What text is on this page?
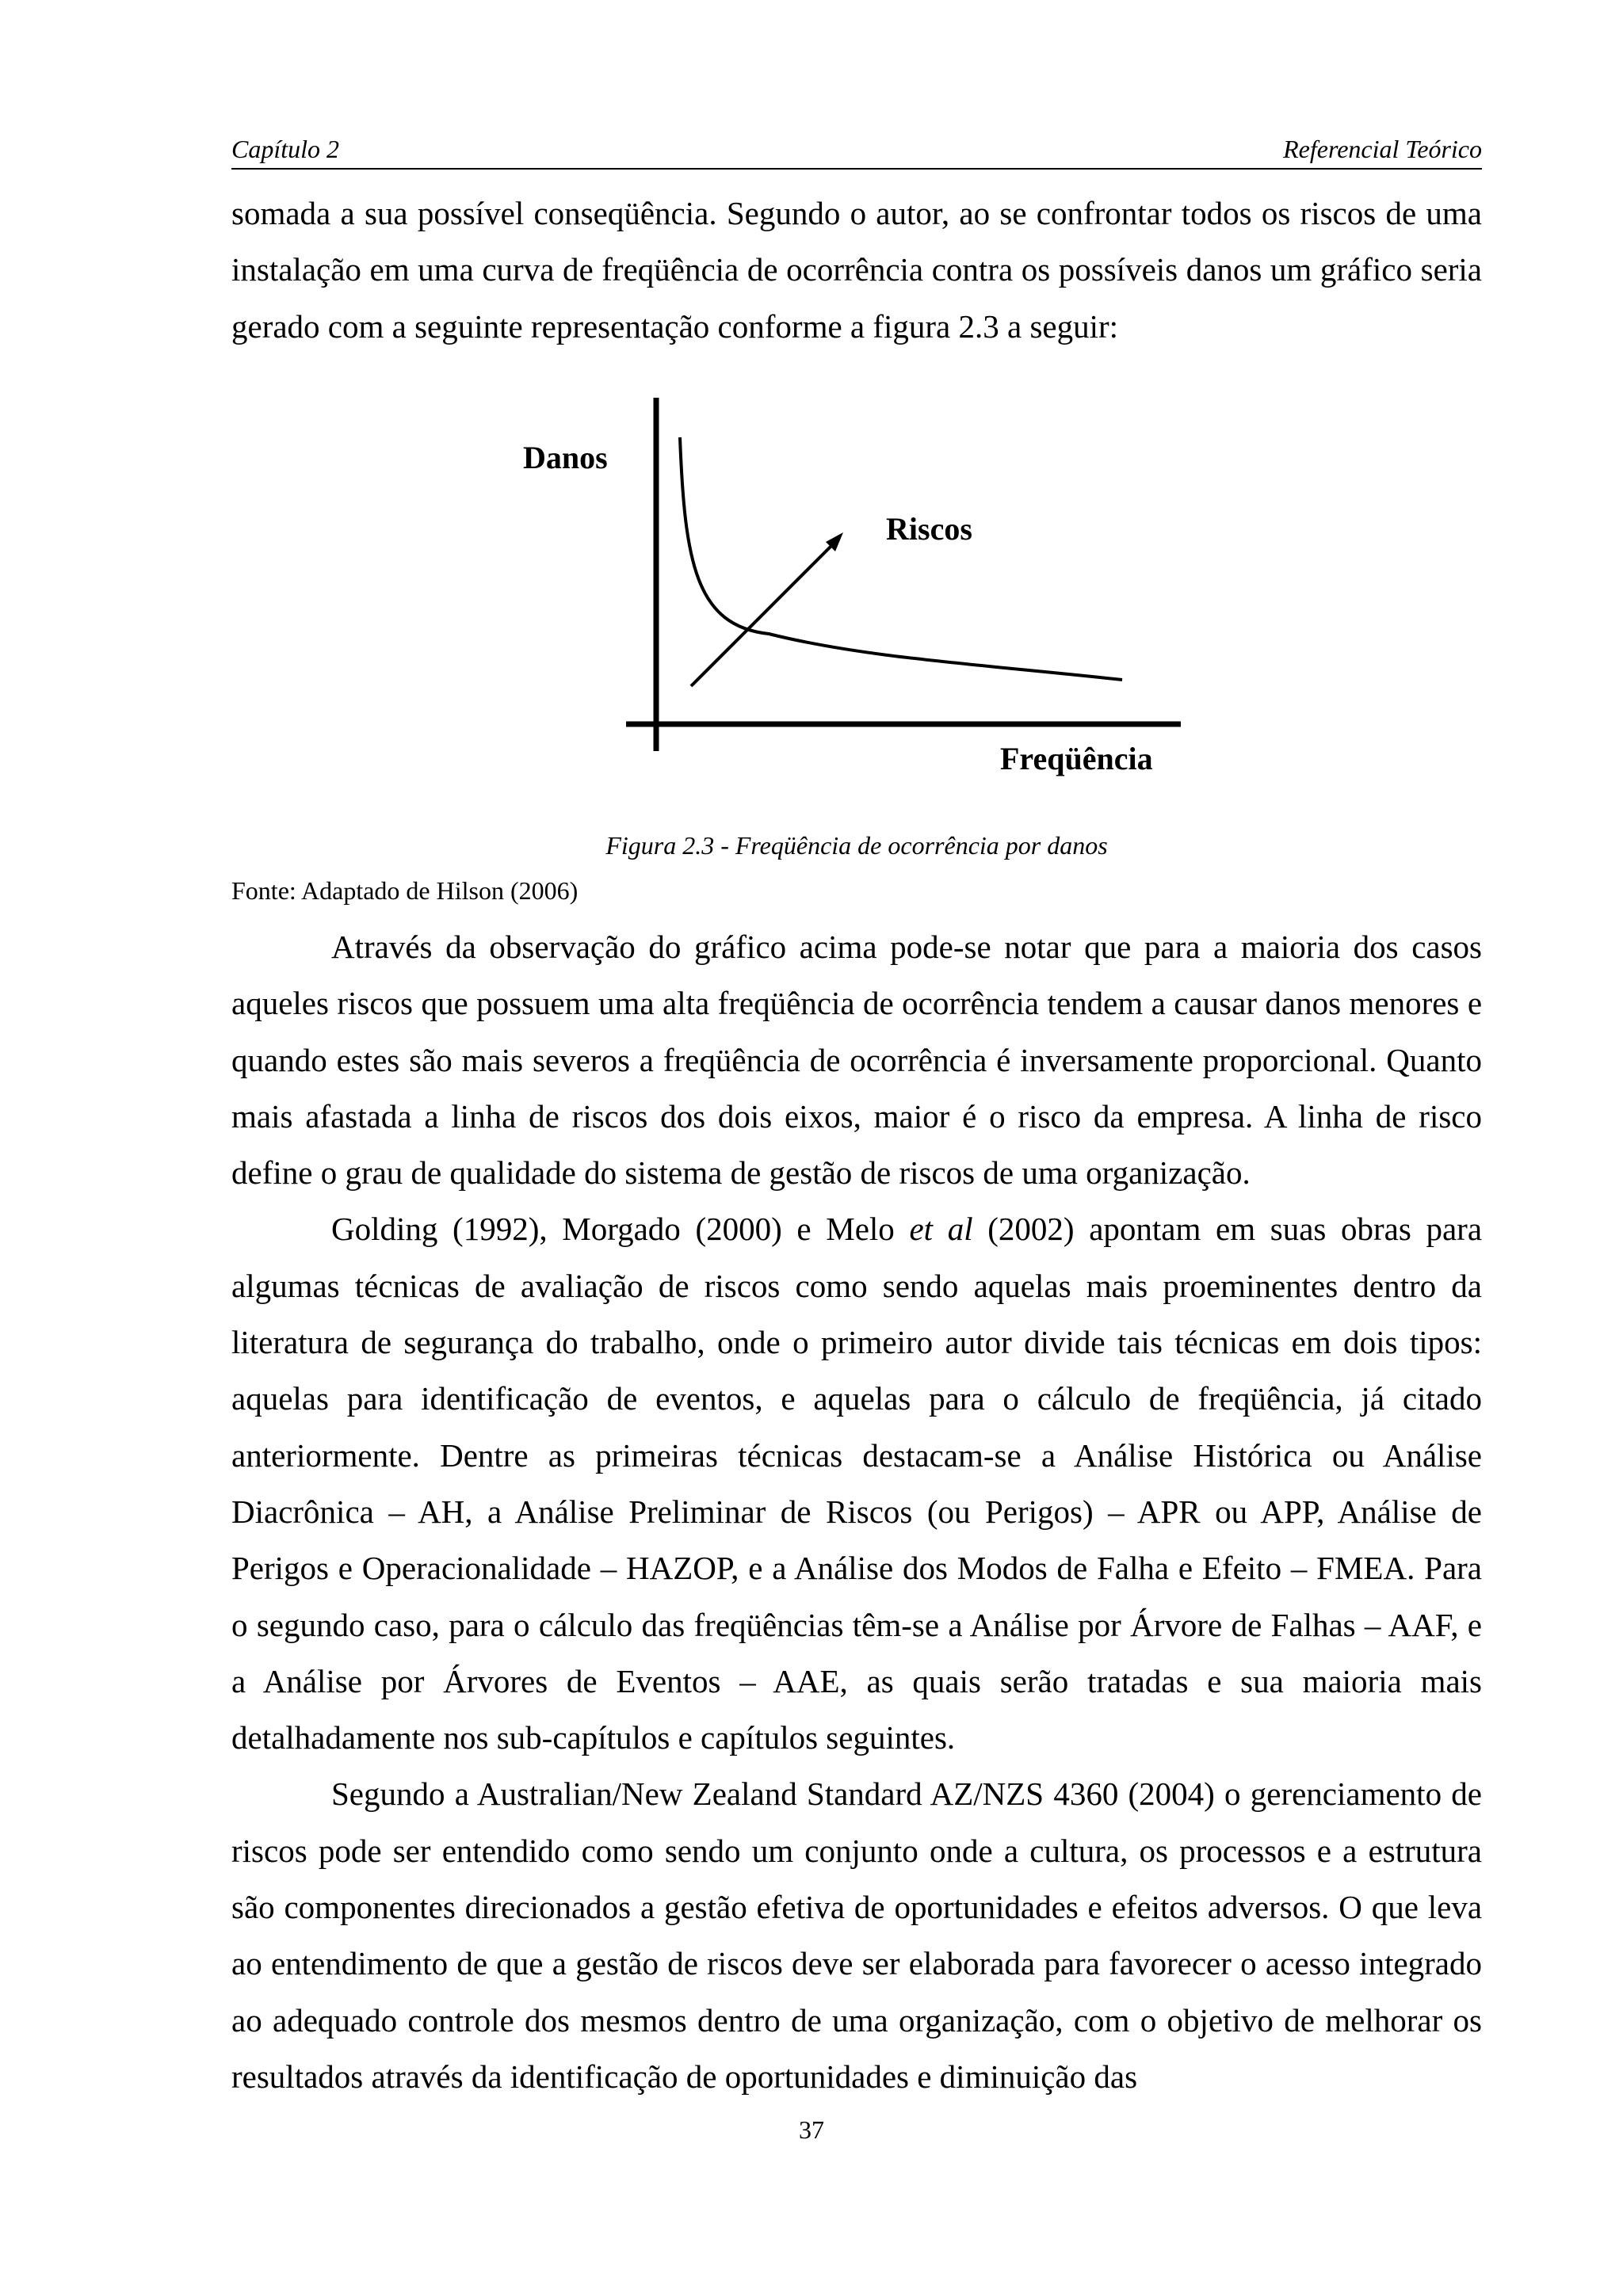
Capítulo 2	Referencial Teórico

somada a sua possível conseqüência. Segundo o autor, ao se confrontar todos os riscos de uma instalação em uma curva de freqüência de ocorrência contra os possíveis danos um gráfico seria gerado com a seguinte representação conforme a figura 2.3 a seguir:

Danos
Riscos
Freqüência
Figura 2.3 - Freqüência de ocorrência por danos
Fonte: Adaptado de Hilson (2006)

Através da observação do gráfico acima pode-se notar que para a maioria dos casos aqueles riscos que possuem uma alta freqüência de ocorrência tendem a causar danos menores e quando estes são mais severos a freqüência de ocorrência é inversamente proporcional. Quanto mais afastada a linha de riscos dos dois eixos, maior é o risco da empresa. A linha de risco define o grau de qualidade do sistema de gestão de riscos de uma organização.

Golding (1992), Morgado (2000) e Melo et al (2002) apontam em suas obras para algumas técnicas de avaliação de riscos como sendo aquelas mais proeminentes dentro da literatura de segurança do trabalho, onde o primeiro autor divide tais técnicas em dois tipos: aquelas para identificação de eventos, e aquelas para o cálculo de freqüência, já citado anteriormente. Dentre as primeiras técnicas destacam-se a Análise Histórica ou Análise Diacrônica – AH, a Análise Preliminar de Riscos (ou Perigos) – APR ou APP, Análise de Perigos e Operacionalidade – HAZOP, e a Análise dos Modos de Falha e Efeito – FMEA. Para o segundo caso, para o cálculo das freqüências têm-se a Análise por Árvore de Falhas – AAF, e a Análise por Árvores de Eventos – AAE, as quais serão tratadas e sua maioria mais detalhadamente nos sub-capítulos e capítulos seguintes.

Segundo a Australian/New Zealand Standard AZ/NZS 4360 (2004) o gerenciamento de riscos pode ser entendido como sendo um conjunto onde a cultura, os processos e a estrutura são componentes direcionados a gestão efetiva de oportunidades e efeitos adversos. O que leva ao entendimento de que a gestão de riscos deve ser elaborada para favorecer o acesso integrado ao adequado controle dos mesmos dentro de uma organização, com o objetivo de melhorar os resultados através da identificação de oportunidades e diminuição das

37
